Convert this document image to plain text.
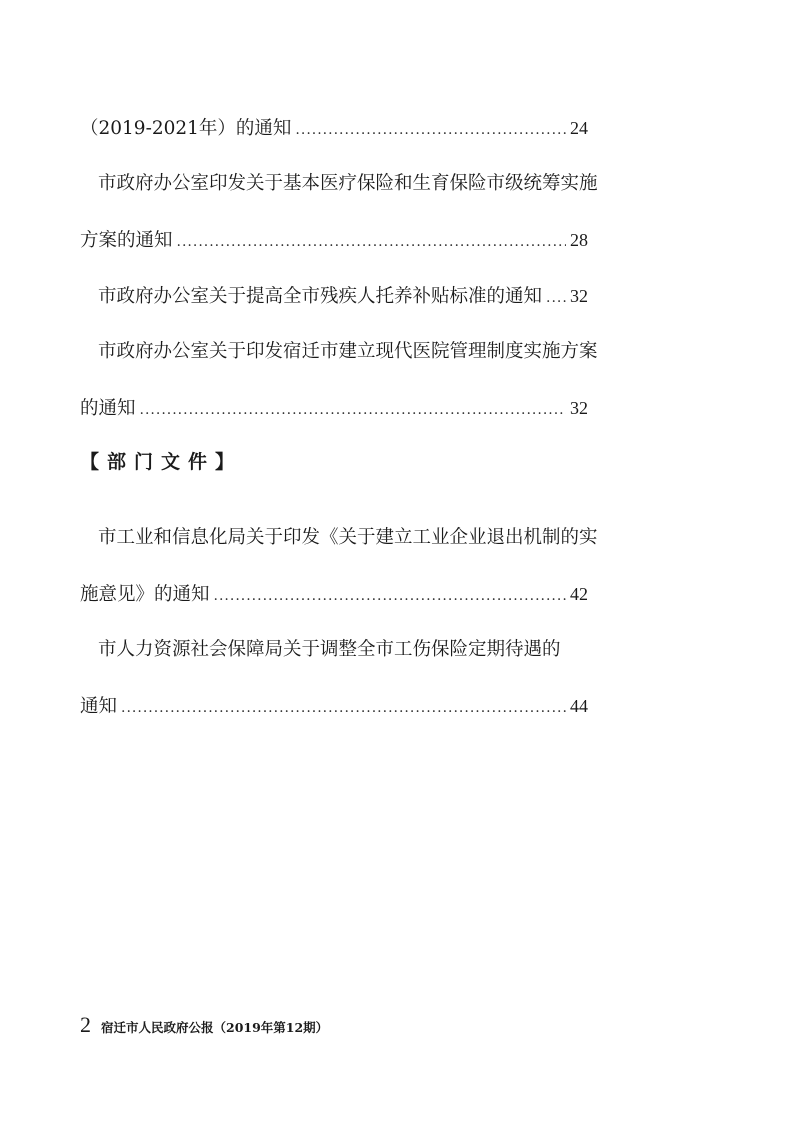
（2019-2021年）的通知 .....	24
市政府办公室印发关于基本医疗保险和生育保险市级统筹实施
方案的通知 .....	28
市政府办公室关于提高全市残疾人托养补贴标准的通知 ..... 32
市政府办公室关于印发宿迁市建立现代医院管理制度实施方案
的通知 .....	32
【部门文件】
市工业和信息化局关于印发《关于建立工业企业退出机制的实
施意见》的通知 .....	42
市人力资源社会保障局关于调整全市工伤保险定期待遇的
通知 .....	44
2 宿迁市人民政府公报（2019年第12期）
